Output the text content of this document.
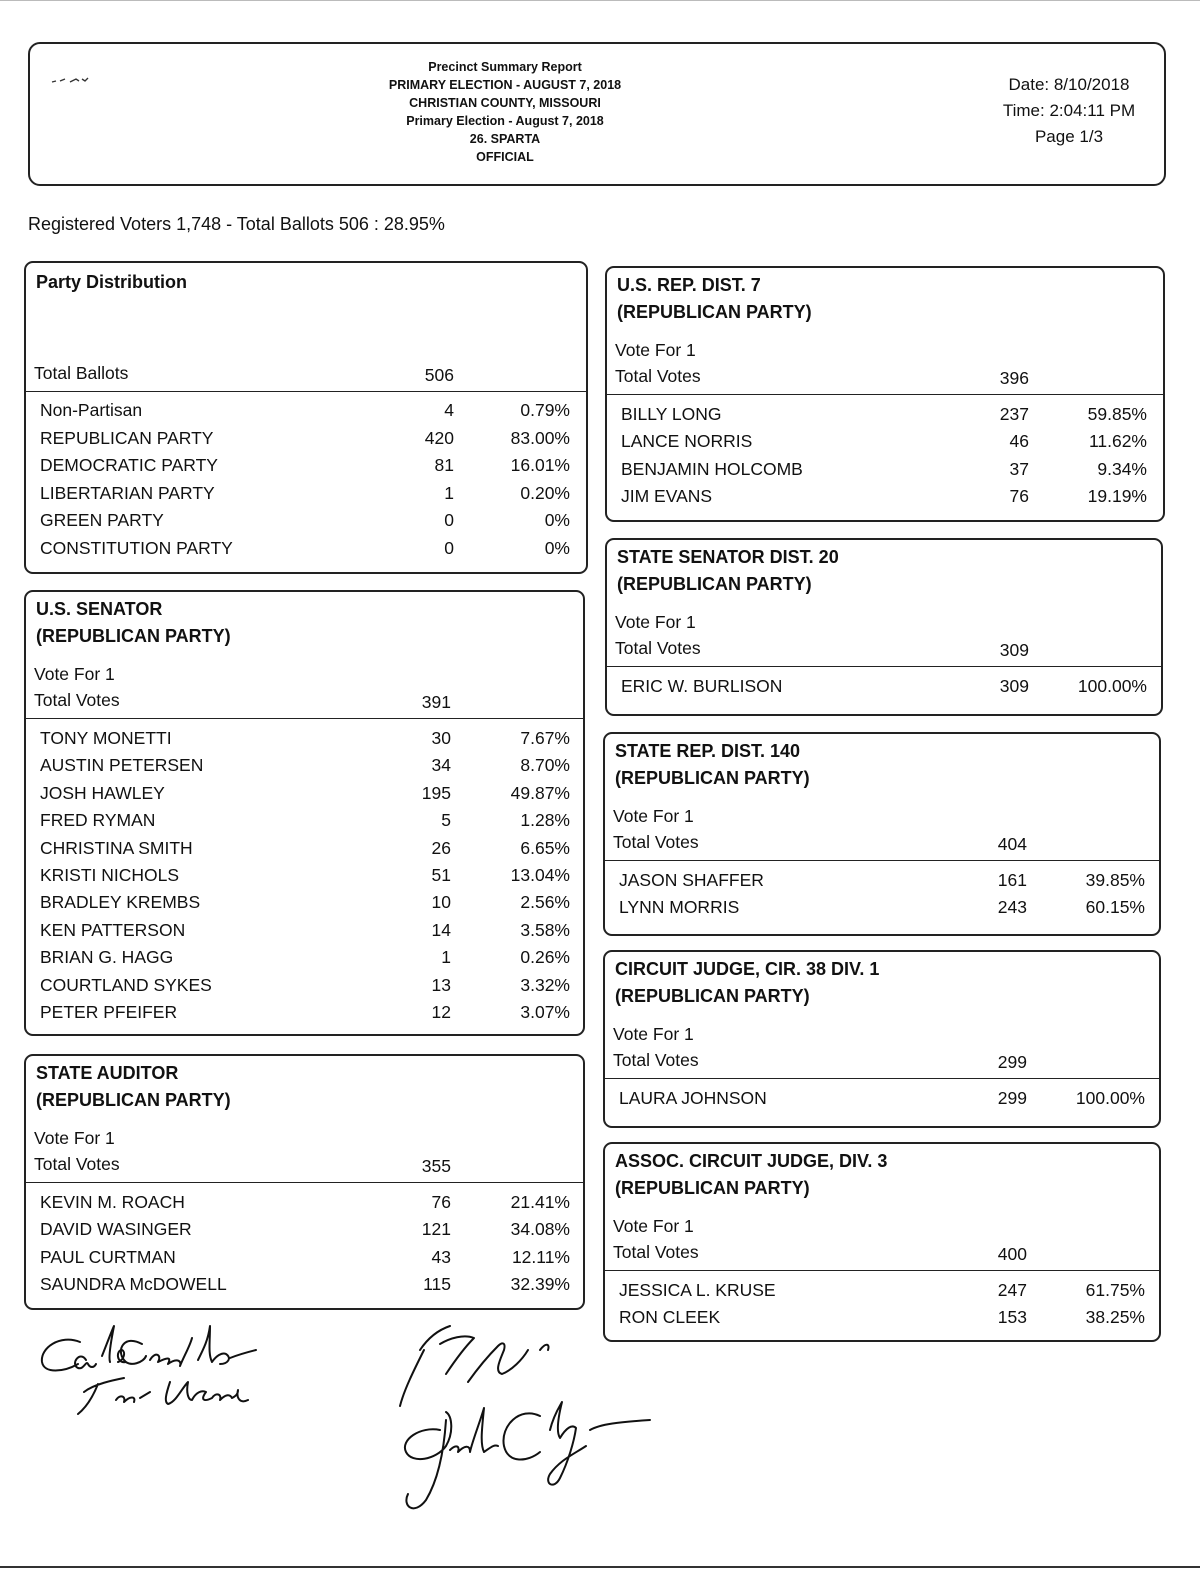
Precinct Summary Report
PRIMARY ELECTION - AUGUST 7, 2018
CHRISTIAN COUNTY, MISSOURI
Primary Election - August 7, 2018
26. SPARTA
OFFICIAL
Date: 8/10/2018
Time: 2:04:11 PM
Page 1/3
Registered Voters 1,748 - Total Ballots 506 : 28.95%
Party Distribution
Total Ballots	506
Non-Partisan	4	0.79%
REPUBLICAN PARTY	420	83.00%
DEMOCRATIC PARTY	81	16.01%
LIBERTARIAN PARTY	1	0.20%
GREEN PARTY	0	0%
CONSTITUTION PARTY	0	0%
U.S. SENATOR
(REPUBLICAN PARTY)
Vote For 1
Total Votes	391
TONY MONETTI	30	7.67%
AUSTIN PETERSEN	34	8.70%
JOSH HAWLEY	195	49.87%
FRED RYMAN	5	1.28%
CHRISTINA SMITH	26	6.65%
KRISTI NICHOLS	51	13.04%
BRADLEY KREMBS	10	2.56%
KEN PATTERSON	14	3.58%
BRIAN G. HAGG	1	0.26%
COURTLAND SYKES	13	3.32%
PETER PFEIFER	12	3.07%
STATE AUDITOR
(REPUBLICAN PARTY)
Vote For 1
Total Votes	355
KEVIN M. ROACH	76	21.41%
DAVID WASINGER	121	34.08%
PAUL CURTMAN	43	12.11%
SAUNDRA McDOWELL	115	32.39%
U.S. REP. DIST. 7
(REPUBLICAN PARTY)
Vote For 1
Total Votes	396
BILLY LONG	237	59.85%
LANCE NORRIS	46	11.62%
BENJAMIN HOLCOMB	37	9.34%
JIM EVANS	76	19.19%
STATE SENATOR DIST. 20
(REPUBLICAN PARTY)
Vote For 1
Total Votes	309
ERIC W. BURLISON	309	100.00%
STATE REP. DIST. 140
(REPUBLICAN PARTY)
Vote For 1
Total Votes	404
JASON SHAFFER	161	39.85%
LYNN MORRIS	243	60.15%
CIRCUIT JUDGE, CIR. 38 DIV. 1
(REPUBLICAN PARTY)
Vote For 1
Total Votes	299
LAURA JOHNSON	299	100.00%
ASSOC. CIRCUIT JUDGE, DIV. 3
(REPUBLICAN PARTY)
Vote For 1
Total Votes	400
JESSICA L. KRUSE	247	61.75%
RON CLEEK	153	38.25%
